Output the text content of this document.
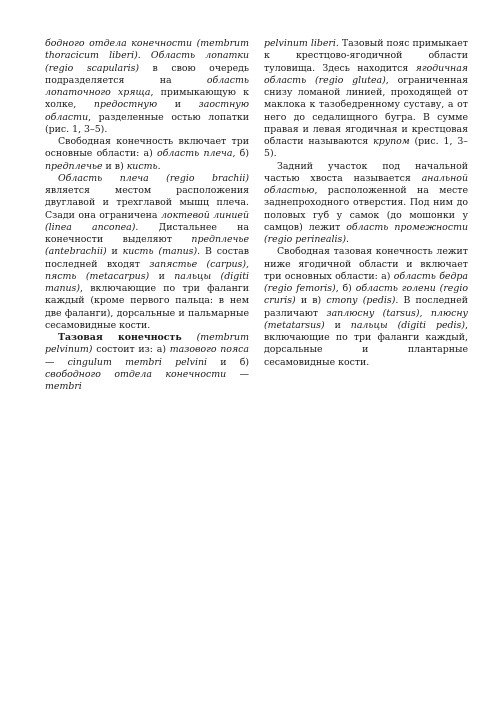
бодного отдела конечности (membrum thoracicum liberi). Область лопатки (regio scapularis) в свою очередь подразделяется на область лопаточного хряща, примыкающую к холке, предостную и заостную области, разделенные остью лопатки (рис. 1, 3–5).

Свободная конечность включает три основные области: а) область плеча, б) предплечье и в) кисть.

Область плеча (regio brachii) является местом расположения двуглавой и трехглавой мышц плеча. Сзади она ограничена локтевой линией (linea anconea). Дистальнее на конечности выделяют предплечье (antebrachii) и кисть (manus). В состав последней входят запястье (carpus), пясть (metacarpus) и пальцы (digiti manus), включающие по три фаланги каждый (кроме первого пальца: в нем две фаланги), дорсальные и пальмарные сесамовидные кости.

Тазовая конечность (membrum pelvinum) состоит из: а) тазового пояса — cingulum membri pelvini и б) свободного отдела конечности — membri

pelvinum liberi. Тазовый пояс примыкает к крестцово-ягодичной области туловища. Здесь находится ягодичная область (regio glutea), ограниченная снизу ломаной линией, проходящей от маклока к тазобедренному суставу, а от него до седалищного бугра. В сумме правая и левая ягодичная и крестцовая области называются крупом (рис. 1, 3–5).

Задний участок под начальной частью хвоста называется анальной областью, расположенной на месте заднепроходного отверстия. Под ним до половых губ у самок (до мошонки у самцов) лежит область промежности (regio perinealis).

Свободная тазовая конечность лежит ниже ягодичной области и включает три основных области: а) область бедра (regio femoris), б) область голени (regio cruris) и в) стопу (pedis). В последней различают заплюсну (tarsus), плюсну (metatarsus) и пальцы (digiti pedis), включающие по три фаланги каждый, дорсальные и плантарные сесамовидные кости.
